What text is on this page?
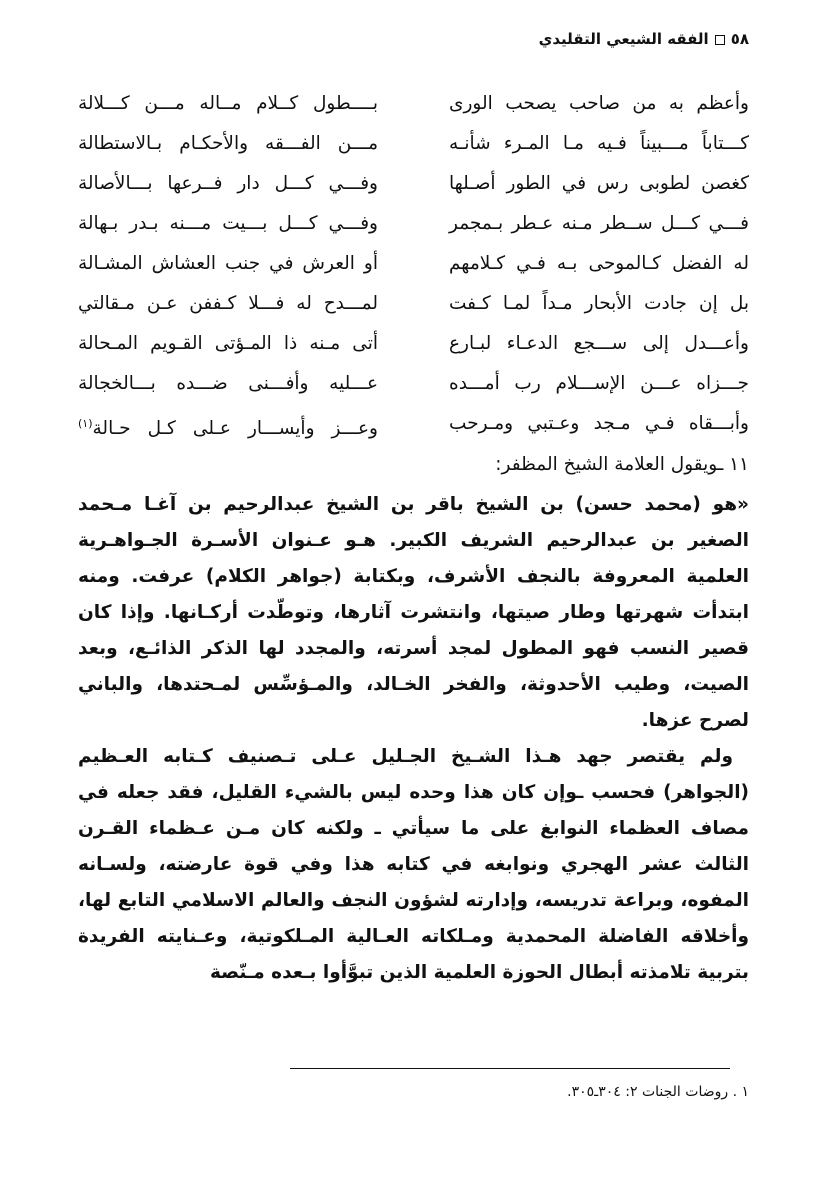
٥٨الفقه الشيعي التقليدي
وأعظم به من صاحب يصحب الورى
بــــطول كــلام مــاله مـــن كـــلالة
كـــتاباً مـــبيناً فـيه مـا المـرء شأنـه
مـــن الفـــقه والأحكـام بـالاستطالة
كغصن لطوبى رس في الطور أصـلها
وفـــي كـــل دار فــرعها بـــالأصالة
فـــي كـــل ســطر مـنه عـطر بـمجمر
وفـــي كـــل بـــيت مـــنه بـدر بـهالة
له الفضل كـالموحى بـه فـي كـلامهم
أو العرش في جنب العشاش المشـالة
بل إن جادت الأبحار مـداً لمـا كـفت
لمـــدح له فـــلا كـففن عـن مـقالتي
وأعـــدل إلى ســـجع الدعـاء لبـارع
أتى مـنه ذا المـؤتى القـويم المـحالة
جـــزاه عـــن الإســـلام رب أمـــده
عـــليه وأفـــنى ضـــده بـــالخجالة
وأبـــقاه فـي مـجد وعـتبي ومـرحب
وعـــز وأيســـار عـلى كـل حـالة$^{(١)}$
١١ ـويقول العلامة الشيخ المظفر:

«هو (محمد حسن) بن الشيخ باقر بن الشيخ عبدالرحيم بن آغـا مـحمد الصغير بن عبدالرحيم الشريف الكبير. هـو عـنوان الأسـرة الجـواهـرية العلمية المعروفة بالنجف الأشرف، وبكتابة (جواهر الكلام) عرفت. ومنه ابتدأت شهرتها وطار صيتها، وانتشرت آثارها، وتوطّدت أركـانها. وإذا كان قصير النسب فهو المطول لمجد أسرته، والمجدد لها الذكر الذائـع، وبعد الصيت، وطيب الأحدوثة، والفخر الخـالد، والمـؤسِّس لمـحتدها، والباني لصرح عزها.

ولم يقتصر جهد هـذا الشـيخ الجـليل عـلى تـصنيف كـتابه العـظيم (الجواهر) فحسب ـوإن كان هذا وحده ليس بالشيء القليل، فقد جعله في مصاف العظماء النوابغ على ما سيأتي ـ ولكنه كان مـن عـظماء القـرن الثالث عشر الهجري ونوابغه في كتابه هذا وفي قوة عارضته، ولسـانه المفوه، وبراعة تدريسه، وإدارته لشؤون النجف والعالم الاسلامي التابع لها، وأخلاقه الفاضلة المحمدية ومـلكاته العـالية المـلكوتية، وعـنايته الفريدة بتربية تلامذته أبطال الحوزة العلمية الذين تبوَّأوا بـعده مـنّصة

١ . روضات الجنات ٢: ٣٠٤ـ٣٠٥.
